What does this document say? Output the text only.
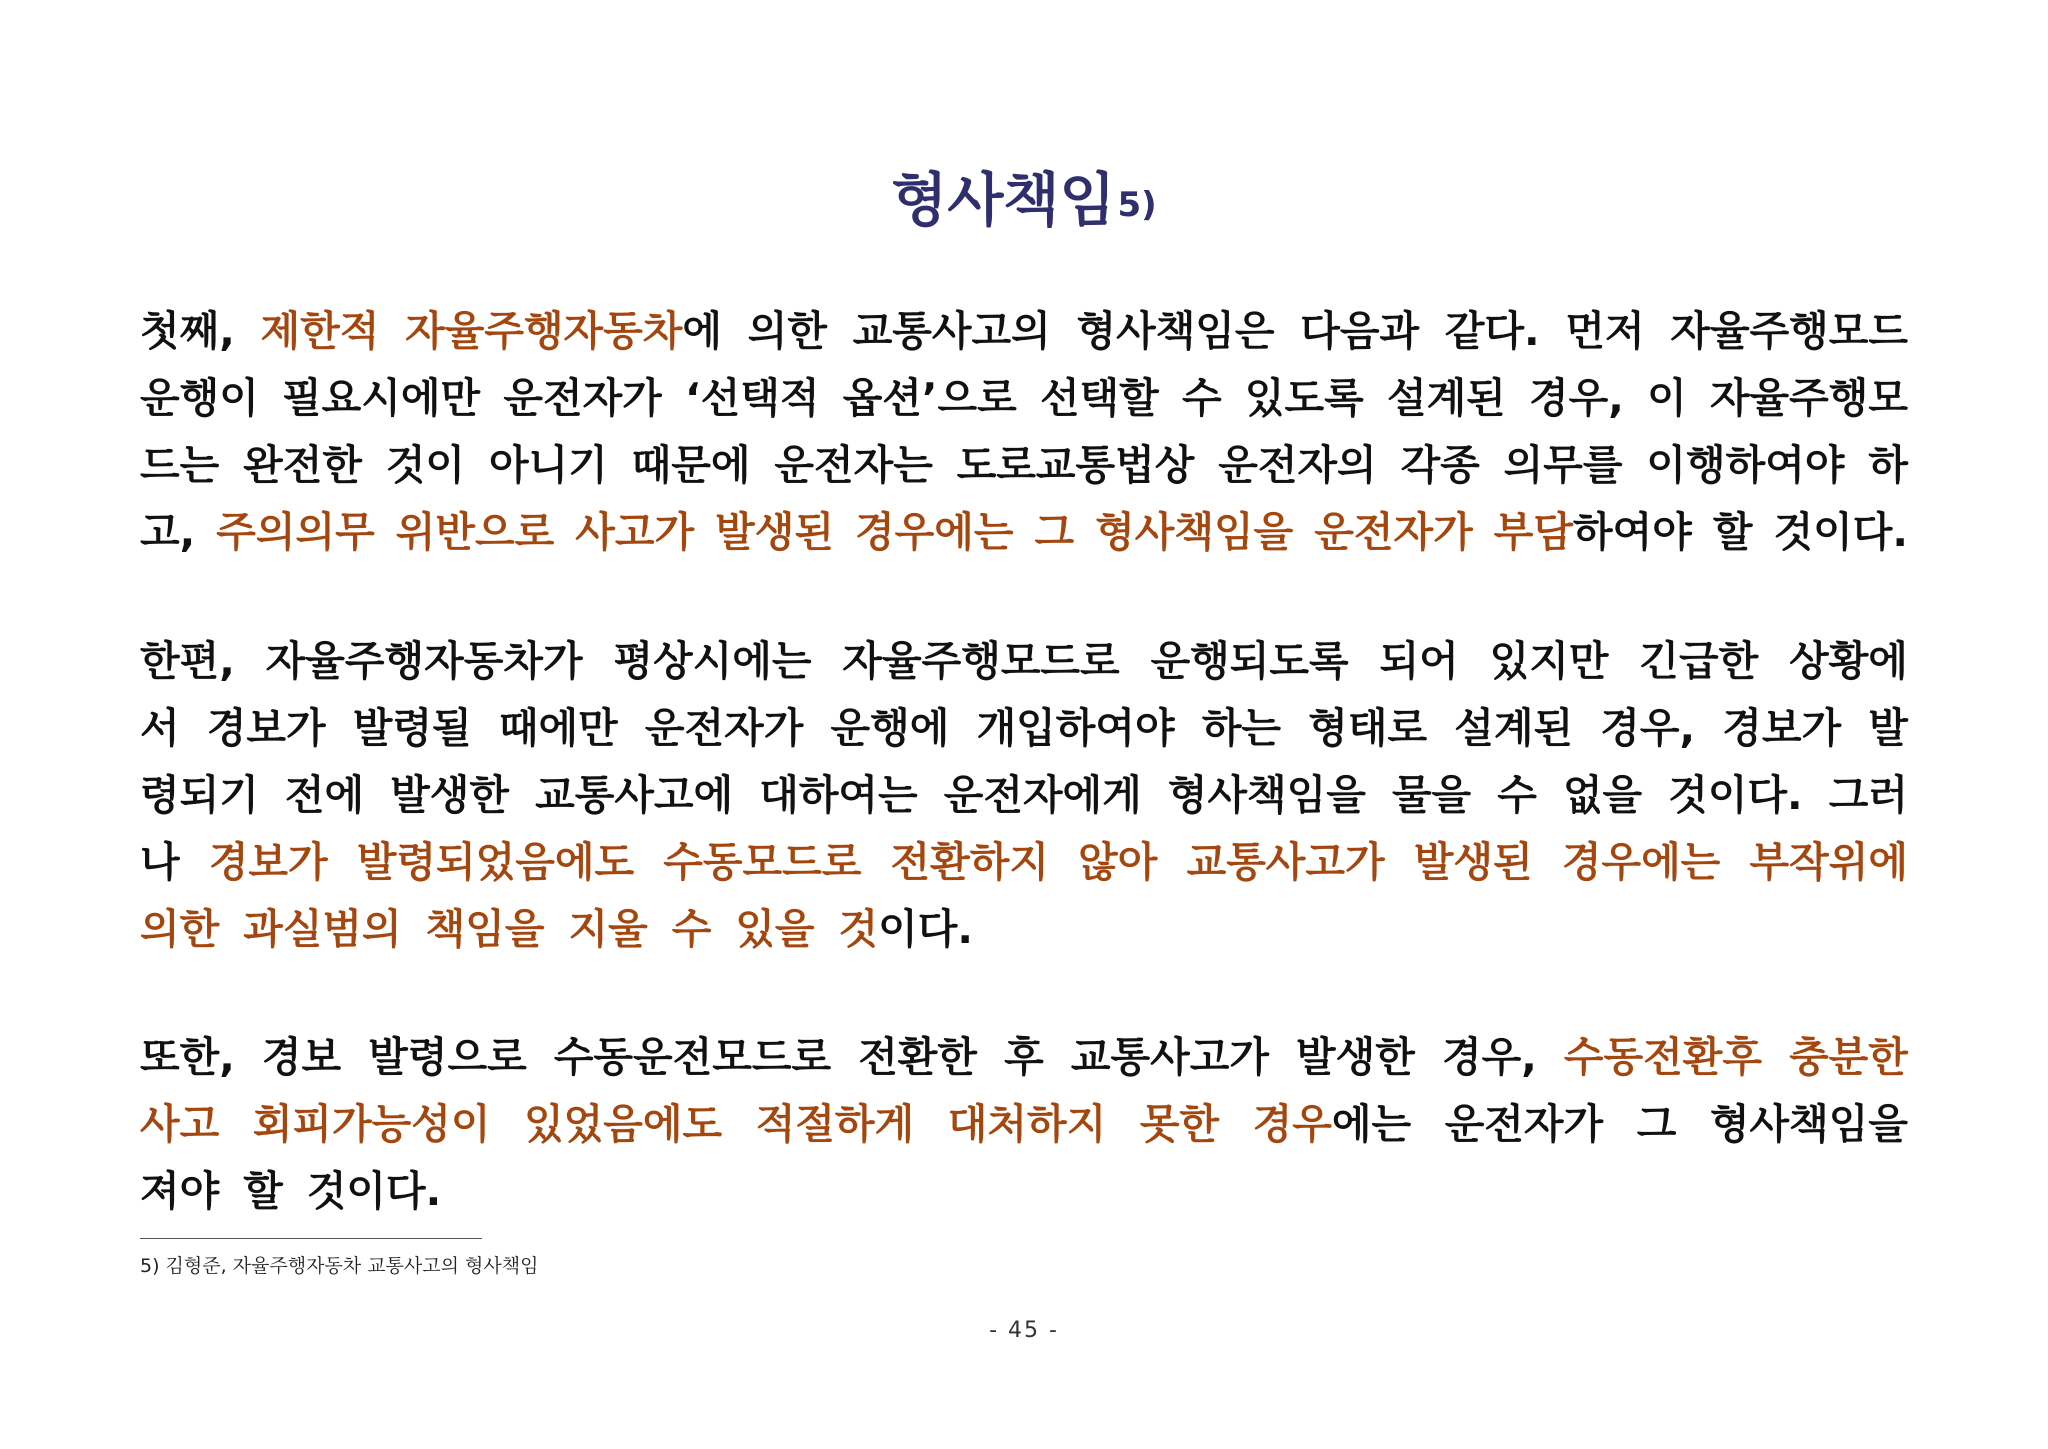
형사책임5)
첫째, 제한적 자율주행자동차에 의한 교통사고의 형사책임은 다음과 같다. 먼저 자율주행모드
운행이 필요시에만 운전자가 ‘선택적 옵션’으로 선택할 수 있도록 설계된 경우, 이 자율주행모
드는 완전한 것이 아니기 때문에 운전자는 도로교통법상 운전자의 각종 의무를 이행하여야 하
고, 주의의무 위반으로 사고가 발생된 경우에는 그 형사책임을 운전자가 부담하여야 할 것이다.
한편, 자율주행자동차가 평상시에는 자율주행모드로 운행되도록 되어 있지만 긴급한 상황에
서 경보가 발령될 때에만 운전자가 운행에 개입하여야 하는 형태로 설계된 경우, 경보가 발
령되기 전에 발생한 교통사고에 대하여는 운전자에게 형사책임을 물을 수 없을 것이다. 그러
나 경보가 발령되었음에도 수동모드로 전환하지 않아 교통사고가 발생된 경우에는 부작위에
의한 과실범의 책임을 지울 수 있을 것이다.
또한, 경보 발령으로 수동운전모드로 전환한 후 교통사고가 발생한 경우, 수동전환후 충분한
사고 회피가능성이 있었음에도 적절하게 대처하지 못한 경우에는 운전자가 그 형사책임을
져야 할 것이다.
5) 김형준, 자율주행자동차 교통사고의 형사책임
- 45 -
